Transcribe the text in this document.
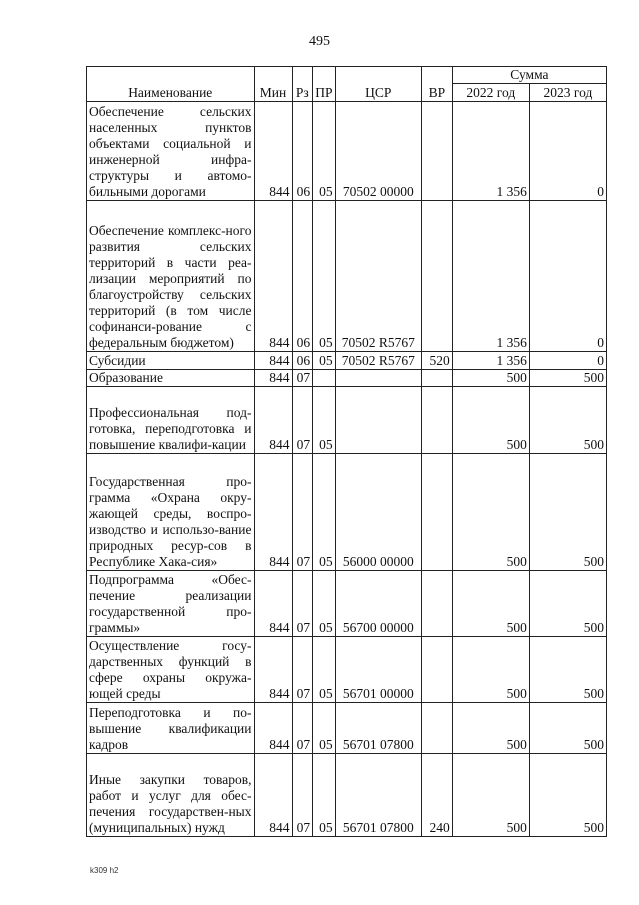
495
Наименование	Мин	Рз	ПР	ЦСР	ВР	Сумма	
						2022 год	2023 год
Обеспечение сельских населенных пунктов объектами социальной и инженерной инфра-структуры и автомо-бильными дорогами	844	06	05	70502 00000		1 356	0
Обеспечение комплекс-ного развития сельских территорий в части реа-лизации мероприятий по благоустройству сельских территорий (в том числе софинанси-рование с федеральным бюджетом)	844	06	05	70502 R5767		1 356	0
Субсидии	844	06	05	70502 R5767	520	1 356	0
Образование	844	07				500	500
Профессиональная под-готовка, переподготовка и повышение квалифи-кации	844	07	05			500	500
Государственная про-грамма «Охрана окру-жающей среды, воспро-изводство и использо-вание природных ресур-сов в Республике Хака-сия»	844	07	05	56000 00000		500	500
Подпрограмма «Обес-печение реализации государственной про-граммы»	844	07	05	56700 00000		500	500
Осуществление госу-дарственных функций в сфере охраны окружа-ющей среды	844	07	05	56701 00000		500	500
Переподготовка и по-вышение квалификации кадров	844	07	05	56701 07800		500	500
Иные закупки товаров, работ и услуг для обес-печения государствен-ных (муниципальных) нужд	844	07	05	56701 07800	240	500	500
k309 h2
